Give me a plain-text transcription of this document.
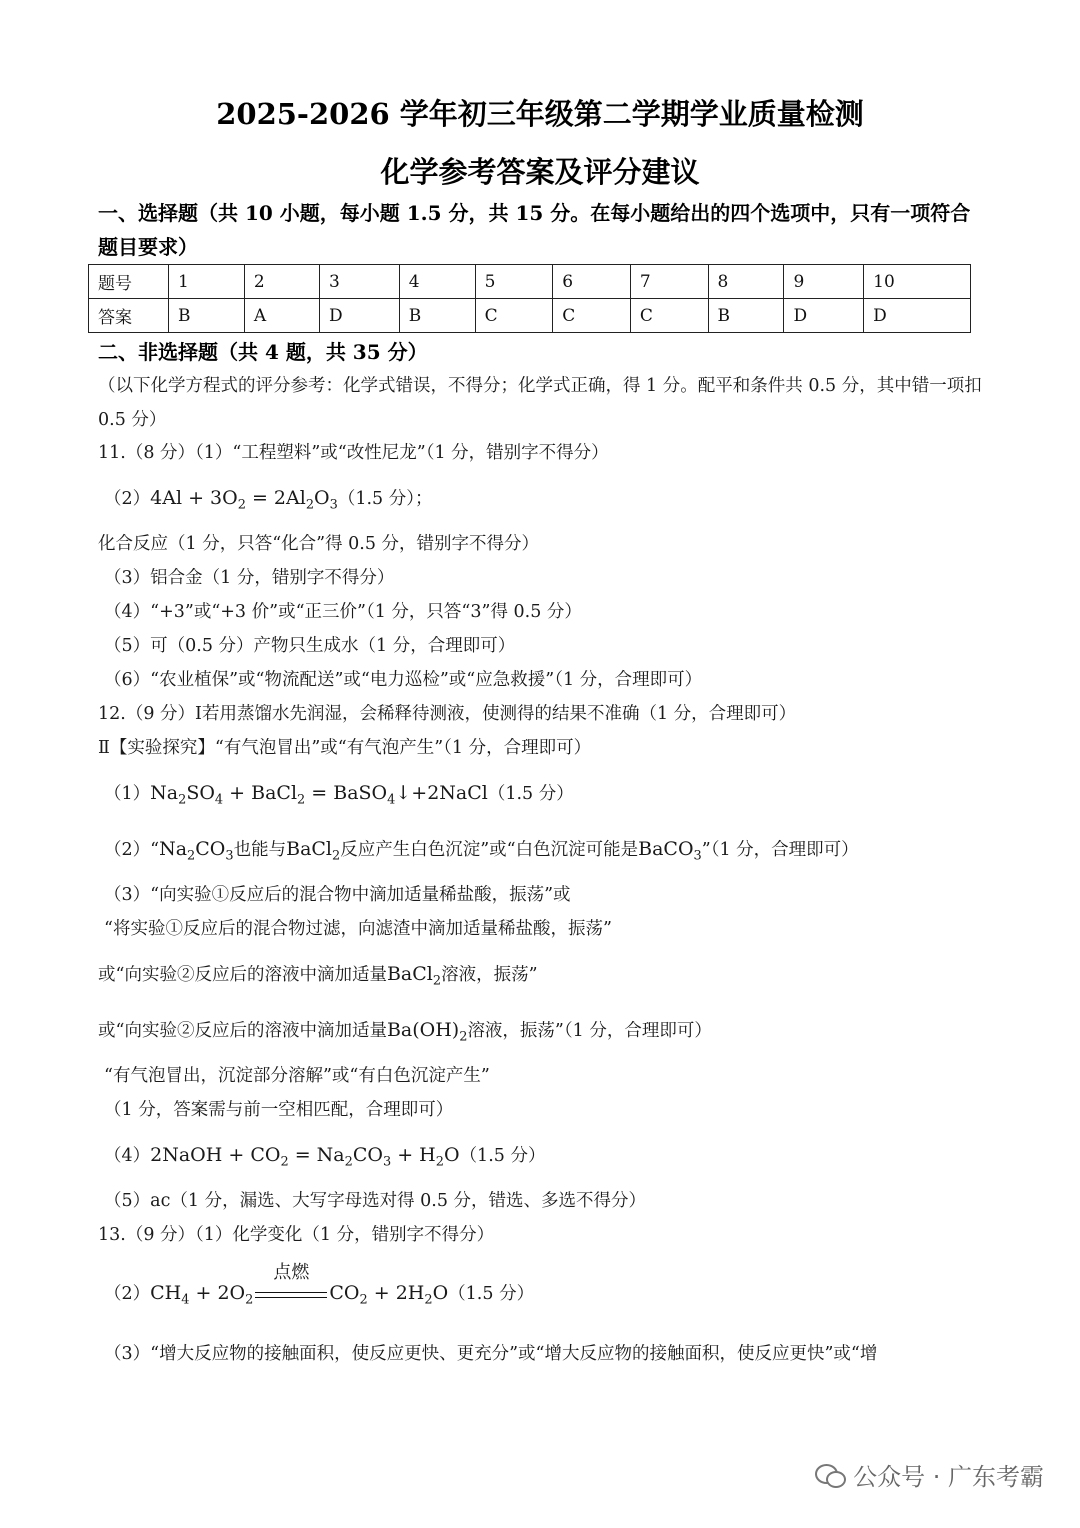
2025-2026 学年初三年级第二学期学业质量检测
化学参考答案及评分建议
一、选择题（共 10 小题，每小题 1.5 分，共 15 分。在每小题给出的四个选项中，只有一项符合题目要求）
题号	1	2	3	4	5	6	7	8	9	10
答案	B	A	D	B	C	C	C	B	D	D
二、非选择题（共 4 题，共 35 分）
（以下化学方程式的评分参考：化学式错误，不得分；化学式正确，得 1 分。配平和条件共 0.5 分，其中错一项扣 0.5 分）
11.（8 分）（1）“工程塑料”或“改性尼龙”（1 分，错别字不得分）
$(2)4Al + 3O_2 = 2Al_2O_3(1.5$ 分）；
化合反应（1 分，只答“化合”得 0.5 分，错别字不得分）
（3）铝合金（1 分，错别字不得分）
（4）“+3”或“+3 价”或“正三价”（1 分，只答“3”得 0.5 分）
（5）可（0.5 分）产物只生成水（1 分，合理即可）
（6）“农业植保”或“物流配送”或“电力巡检”或“应急救援”（1 分，合理即可）
12.（9 分）Ⅰ若用蒸馏水先润湿，会稀释待测液，使测得的结果不准确（1 分，合理即可）
Ⅱ【实验探究】“有气泡冒出”或“有气泡产生”（1 分，合理即可）
$(1)Na_2SO_4$ + BaCl$_2$ = BaSO$_4$↓+2NaCl（1.5 分）
$(2)“Na_2CO_3$也能与BaCl$_2$反应产生白色沉淀”或“白色沉淀可能是BaCO$_3$”（1 分，合理即可）
（3）“向实验①反应后的混合物中滴加适量稀盐酸，振荡”或
“将实验①反应后的混合物过滤，向滤渣中滴加适量稀盐酸，振荡”
或“向实验②反应后的溶液中滴加适量BaCl$_2$溶液，振荡”
或“向实验②反应后的溶液中滴加适量$Ba(OH)_2$溶液，振荡”（1 分，合理即可）
“有气泡冒出，沉淀部分溶解”或“有白色沉淀产生”
（1 分，答案需与前一空相匹配，合理即可）
（4）2NaOH + $CO_2 = Na_2CO_3 + H_2O(1.5$ 分）
（5）ac（1 分，漏选、大写字母选对得 0.5 分，错选、多选不得分）
13.（9 分）（1）化学变化（1 分，错别字不得分）
$(2)CH_4 + 2O_2$
点燃
$CO_2 + 2H_2O(1.5$ 分）
（3）“增大反应物的接触面积，使反应更快、更充分”或“增大反应物的接触面积，使反应更快”或“增
公众号 · 广东考霸
